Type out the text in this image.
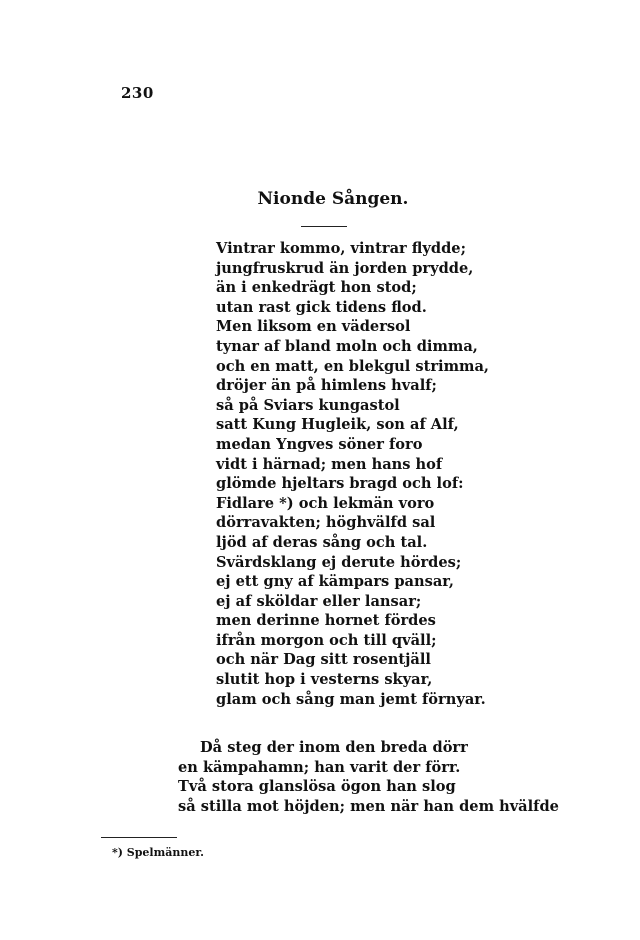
230
Nionde Sången.
Vintrar kommo, vintrar flydde;
jungfruskrud än jorden prydde,
än i enkedrägt hon stod;
utan rast gick tidens flod.
Men liksom en vädersol
tynar af bland moln och dimma,
och en matt, en blekgul strimma,
dröjer än på himlens hvalf;
så på Sviars kungastol
satt Kung Hugleik, son af Alf,
medan Yngves söner foro
vidt i härnad; men hans hof
glömde hjeltars bragd och lof:
Fidlare *) och lekmän voro
dörravakten; höghvälfd sal
ljöd af deras sång och tal.
Svärdsklang ej derute hördes;
ej ett gny af kämpars pansar,
ej af sköldar eller lansar;
men derinne hornet fördes
ifrån morgon och till qväll;
och när Dag sitt rosentjäll
slutit hop i vesterns skyar,
glam och sång man jemt förnyar.
Då steg der inom den breda dörr
en kämpahamn; han varit der förr.
Två stora glanslösa ögon han slog
så stilla mot höjden; men när han dem hvälfde
*) Spelmänner.
